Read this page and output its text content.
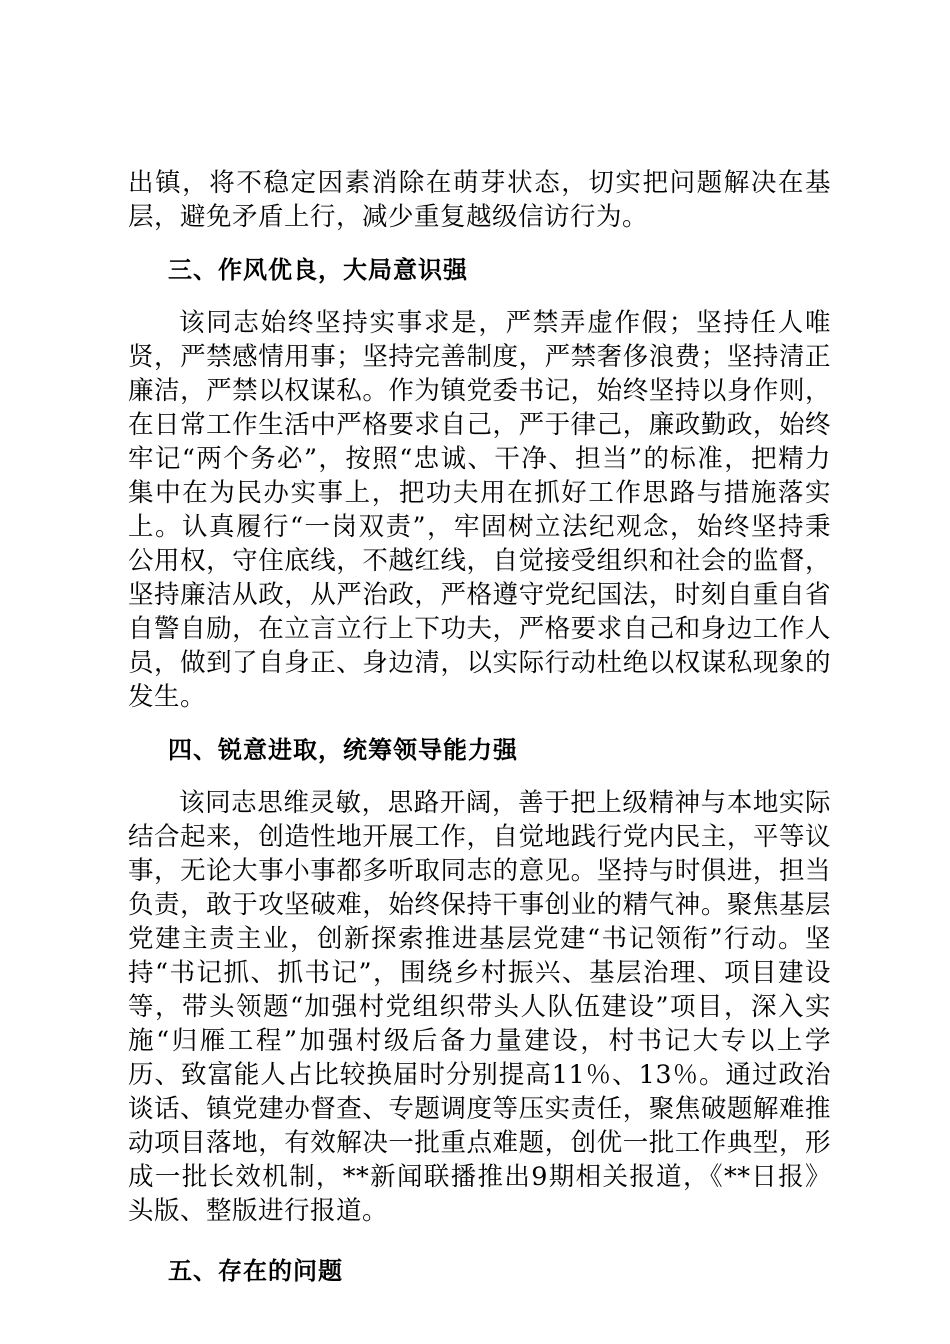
出镇，将不稳定因素消除在萌芽状态，切实把问题解决在基层，避免矛盾上行，减少重复越级信访行为。

三、作风优良，大局意识强

该同志始终坚持实事求是，严禁弄虚作假；坚持任人唯贤，严禁感情用事；坚持完善制度，严禁奢侈浪费；坚持清正廉洁，严禁以权谋私。作为镇党委书记，始终坚持以身作则，在日常工作生活中严格要求自己，严于律己，廉政勤政，始终牢记“两个务必”，按照“忠诚、干净、担当”的标准，把精力集中在为民办实事上，把功夫用在抓好工作思路与措施落实上。认真履行“一岗双责”，牢固树立法纪观念，始终坚持秉公用权，守住底线，不越红线，自觉接受组织和社会的监督，坚持廉洁从政，从严治政，严格遵守党纪国法，时刻自重自省自警自励，在立言立行上下功夫，严格要求自己和身边工作人员，做到了自身正、身边清，以实际行动杜绝以权谋私现象的发生。

四、锐意进取，统筹领导能力强

该同志思维灵敏，思路开阔，善于把上级精神与本地实际结合起来，创造性地开展工作，自觉地践行党内民主，平等议事，无论大事小事都多听取同志的意见。坚持与时俱进，担当负责，敢于攻坚破难，始终保持干事创业的精气神。聚焦基层党建主责主业，创新探索推进基层党建“书记领衔”行动。坚持“书记抓、抓书记”，围绕乡村振兴、基层治理、项目建设等，带头领题“加强村党组织带头人队伍建设”项目，深入实施“归雁工程”加强村级后备力量建设，村书记大专以上学历、致富能人占比较换届时分别提高11％、13％。通过政治谈话、镇党建办督查、专题调度等压实责任，聚焦破题解难推动项目落地，有效解决一批重点难题，创优一批工作典型，形成一批长效机制，**新闻联播推出9期相关报道，《**日报》头版、整版进行报道。

五、存在的问题
